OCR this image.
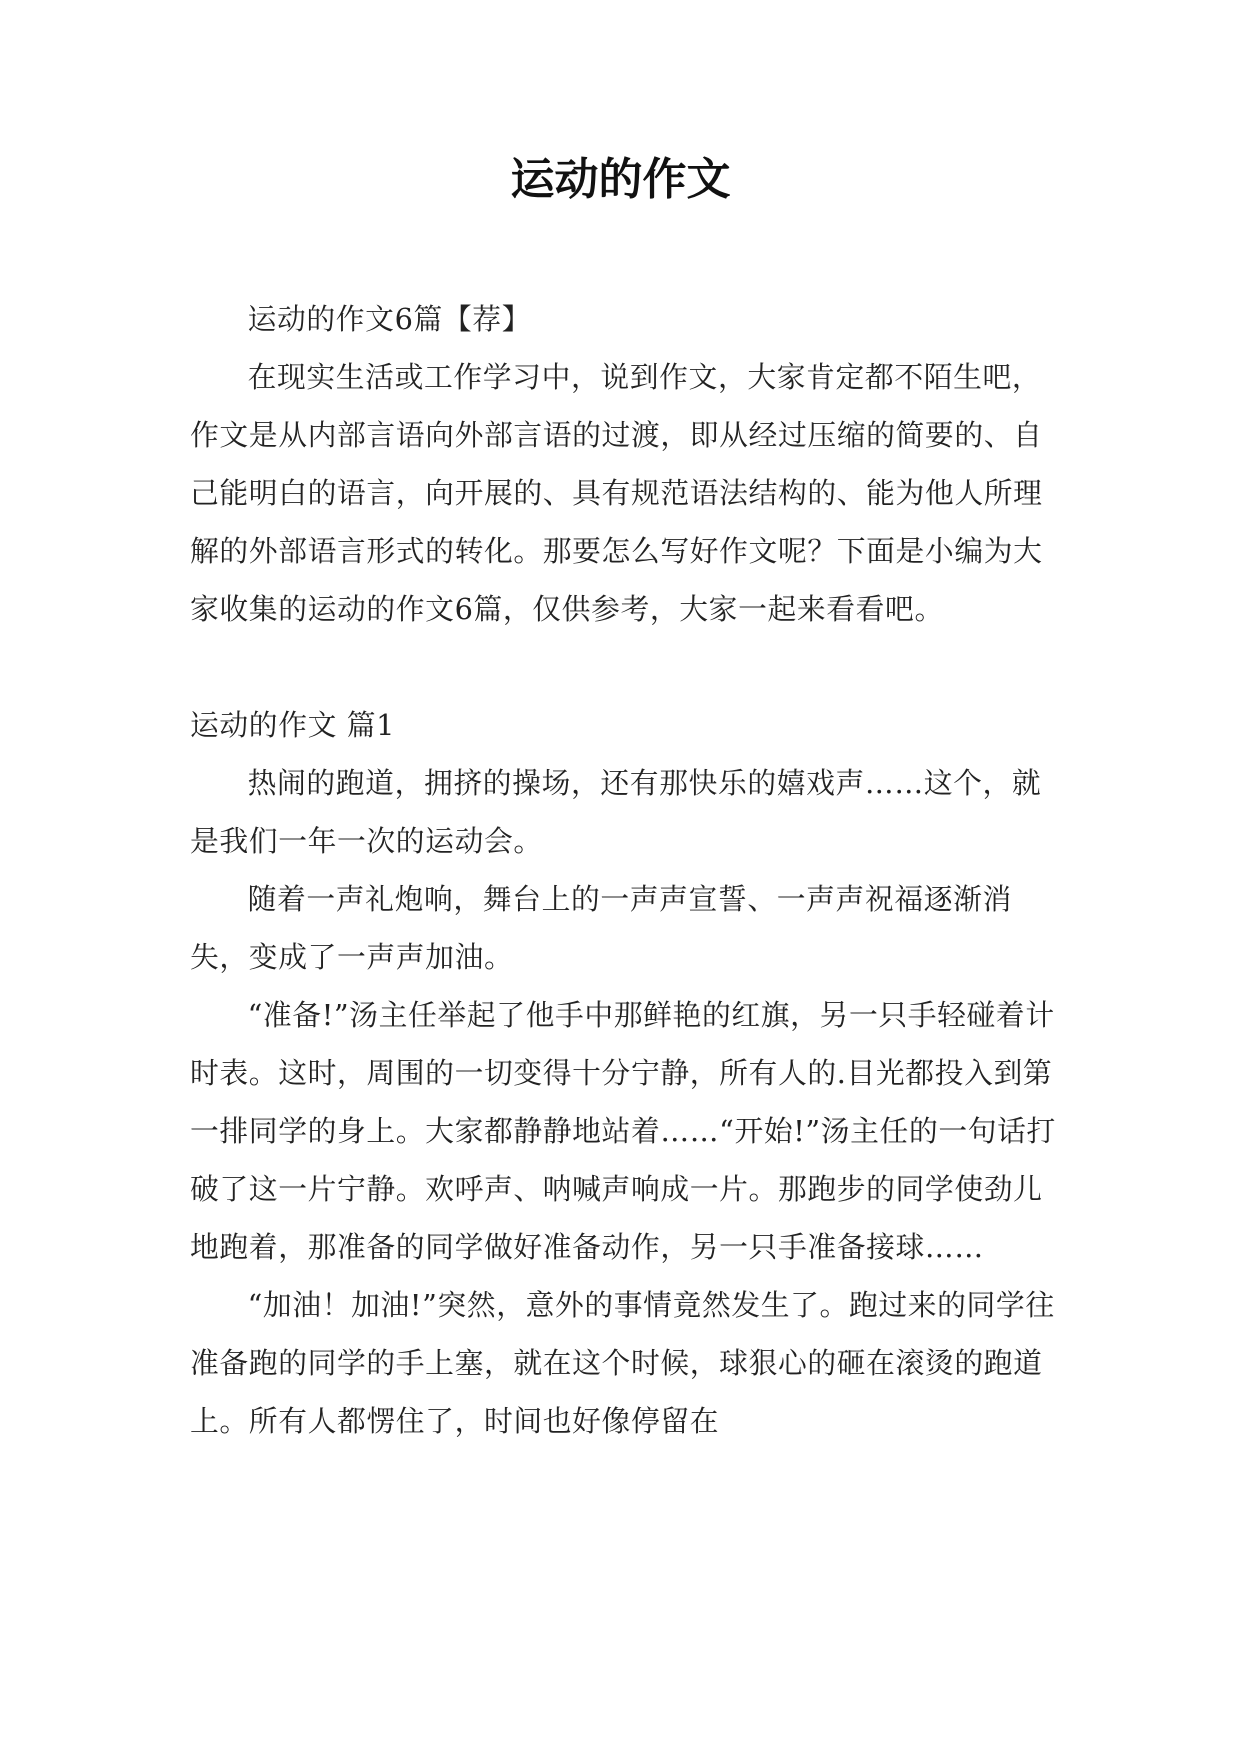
运动的作文

运动的作文6篇【荐】

在现实生活或工作学习中，说到作文，大家肯定都不陌生吧，作文是从内部言语向外部言语的过渡，即从经过压缩的简要的、自己能明白的语言，向开展的、具有规范语法结构的、能为他人所理解的外部语言形式的转化。那要怎么写好作文呢？下面是小编为大家收集的运动的作文6篇，仅供参考，大家一起来看看吧。

运动的作文 篇1

热闹的跑道，拥挤的操场，还有那快乐的嬉戏声……这个，就是我们一年一次的运动会。

随着一声礼炮响，舞台上的一声声宣誓、一声声祝福逐渐消失，变成了一声声加油。

“准备!”汤主任举起了他手中那鲜艳的红旗，另一只手轻碰着计时表。这时，周围的一切变得十分宁静，所有人的.目光都投入到第一排同学的身上。大家都静静地站着……“开始!”汤主任的一句话打破了这一片宁静。欢呼声、呐喊声响成一片。那跑步的同学使劲儿地跑着，那准备的同学做好准备动作，另一只手准备接球……

“加油！加油!”突然，意外的事情竟然发生了。跑过来的同学往准备跑的同学的手上塞，就在这个时候，球狠心的砸在滚烫的跑道上。所有人都愣住了，时间也好像停留在
